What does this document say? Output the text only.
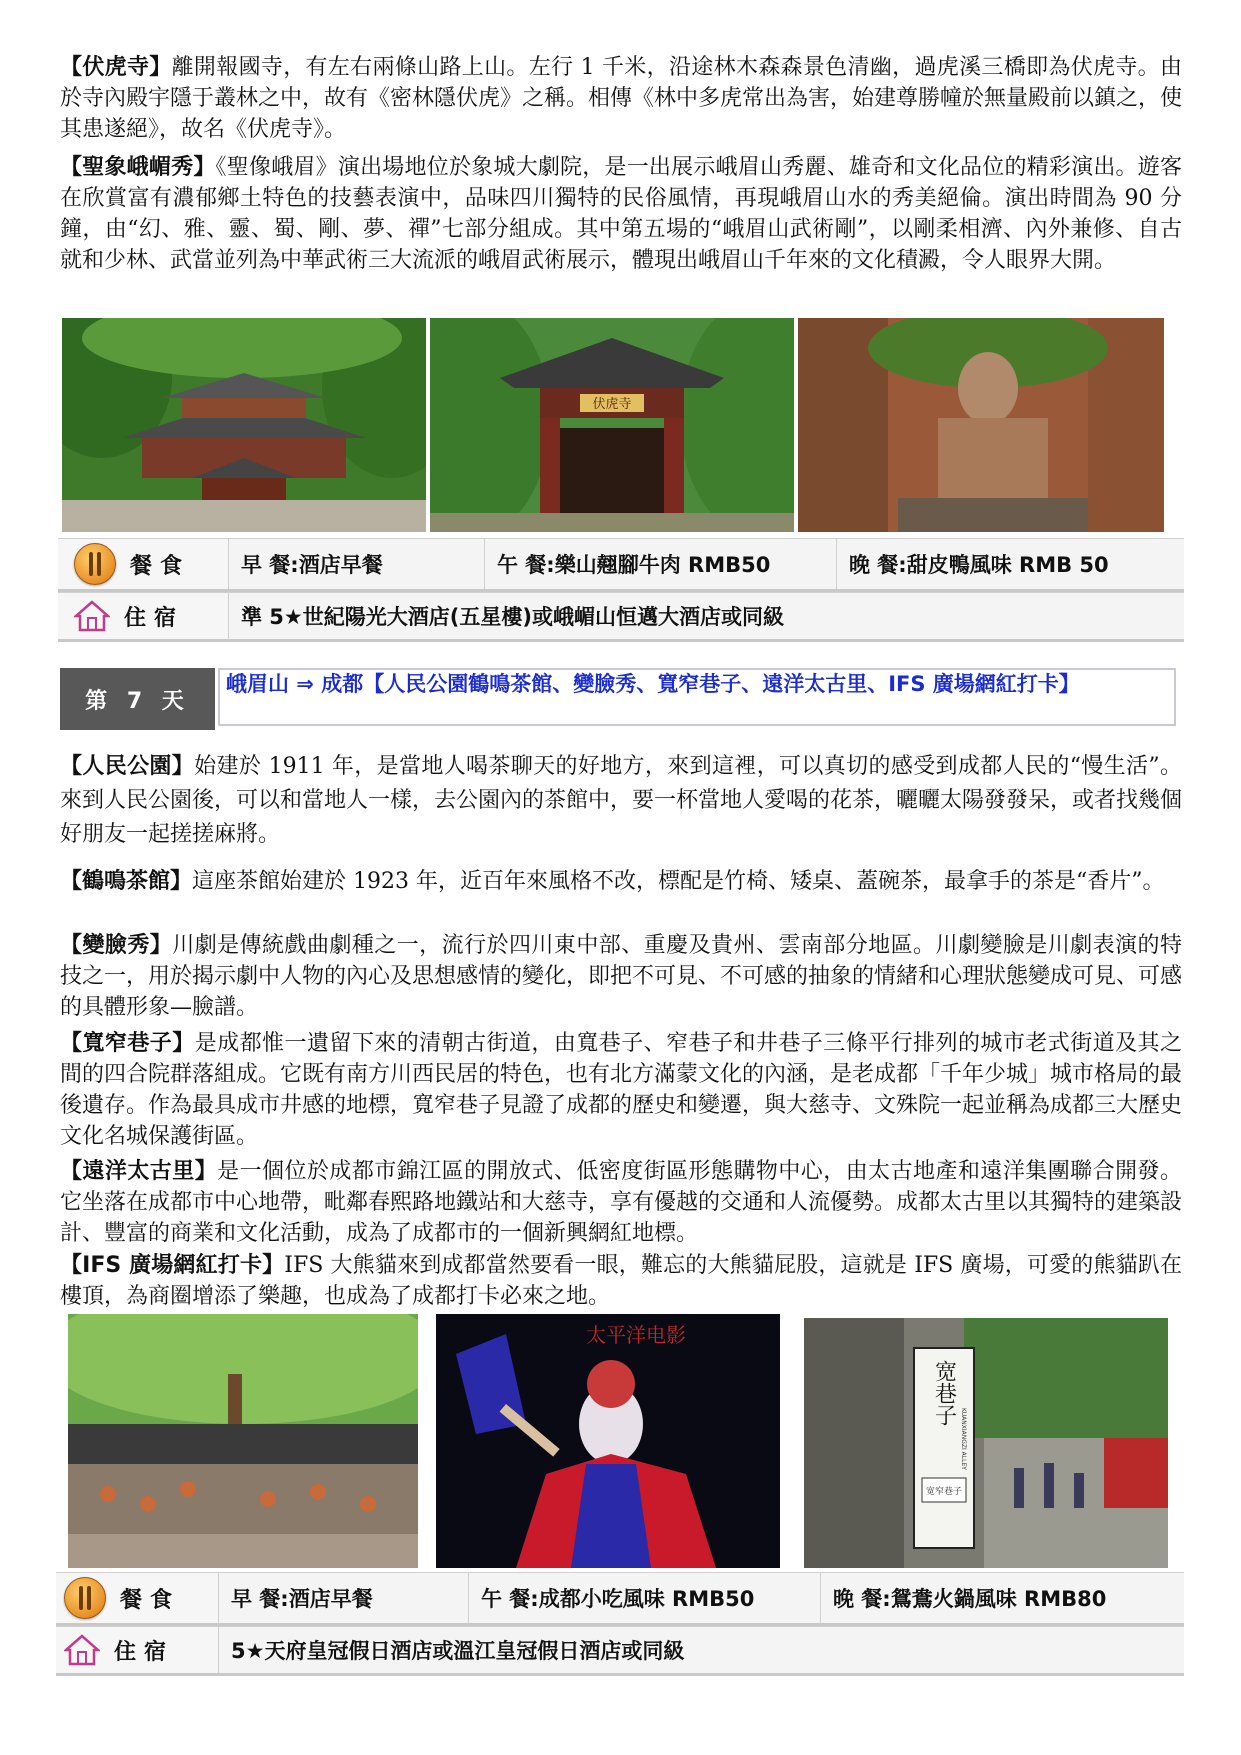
【伏虎寺】離開報國寺，有左右兩條山路上山。左行 1 千米，沿途林木森森景色清幽，過虎溪三橋即為伏虎寺。由於寺內殿宇隱于叢林之中，故有《密林隱伏虎》之稱。相傳《林中多虎常出為害，始建尊勝幢於無量殿前以鎮之，使其患遂絕》，故名《伏虎寺》。

【聖象峨嵋秀】《聖像峨眉》演出場地位於象城大劇院，是一出展示峨眉山秀麗、雄奇和文化品位的精彩演出。遊客在欣賞富有濃郁鄉土特色的技藝表演中，品味四川獨特的民俗風情，再現峨眉山水的秀美絕倫。演出時間為 90 分鐘，由“幻、雅、靈、蜀、剛、夢、禪”七部分組成。其中第五場的“峨眉山武術剛”，以剛柔相濟、內外兼修、自古就和少林、武當並列為中華武術三大流派的峨眉武術展示，體現出峨眉山千年來的文化積澱，令人眼界大開。

伏虎寺
餐食	早 餐:酒店早餐	午 餐:樂山翹腳牛肉 RMB50	晚 餐:甜皮鴨風味 RMB 50
住宿	準 5★世紀陽光大酒店(五星樓)或峨嵋山恒邁大酒店或同級
第 7 天
峨眉山 ⇒ 成都【人民公園鶴鳴茶館、變臉秀、寬窄巷子、遠洋太古里、IFS 廣場網紅打卡】

【人民公園】始建於 1911 年，是當地人喝茶聊天的好地方，來到這裡，可以真切的感受到成都人民的“慢生活”。來到人民公園後，可以和當地人一樣，去公園內的茶館中，要一杯當地人愛喝的花茶，曬曬太陽發發呆，或者找幾個好朋友一起搓搓麻將。

【鶴鳴茶館】這座茶館始建於 1923 年，近百年來風格不改，標配是竹椅、矮桌、蓋碗茶，最拿手的茶是“香片”。

【變臉秀】川劇是傳統戲曲劇種之一，流行於四川東中部、重慶及貴州、雲南部分地區。川劇變臉是川劇表演的特技之一，用於揭示劇中人物的內心及思想感情的變化，即把不可見、不可感的抽象的情緒和心理狀態變成可見、可感的具體形象—臉譜。

【寬窄巷子】是成都惟一遺留下來的清朝古街道，由寬巷子、窄巷子和井巷子三條平行排列的城市老式街道及其之間的四合院群落組成。它既有南方川西民居的特色，也有北方滿蒙文化的內涵，是老成都「千年少城」城市格局的最後遺存。作為最具成市井感的地標，寬窄巷子見證了成都的歷史和變遷，與大慈寺、文殊院一起並稱為成都三大歷史文化名城保護街區。

【遠洋太古里】是一個位於成都市錦江區的開放式、低密度街區形態購物中心，由太古地產和遠洋集團聯合開發。它坐落在成都市中心地帶，毗鄰春熙路地鐵站和大慈寺，享有優越的交通和人流優勢。成都太古里以其獨特的建築設計、豐富的商業和文化活動，成為了成都市的一個新興網紅地標。

【IFS 廣場網紅打卡】IFS 大熊貓來到成都當然要看一眼，難忘的大熊貓屁股，這就是 IFS 廣場，可愛的熊貓趴在樓頂，為商圈增添了樂趣，也成為了成都打卡必來之地。

太平洋电影
宽巷子
KUANXIANGZI ALLEY
宽窄巷子
餐食	早 餐:酒店早餐	午 餐:成都小吃風味 RMB50	晚 餐:鴛鴦火鍋風味 RMB80
住宿	5★天府皇冠假日酒店或溫江皇冠假日酒店或同級
